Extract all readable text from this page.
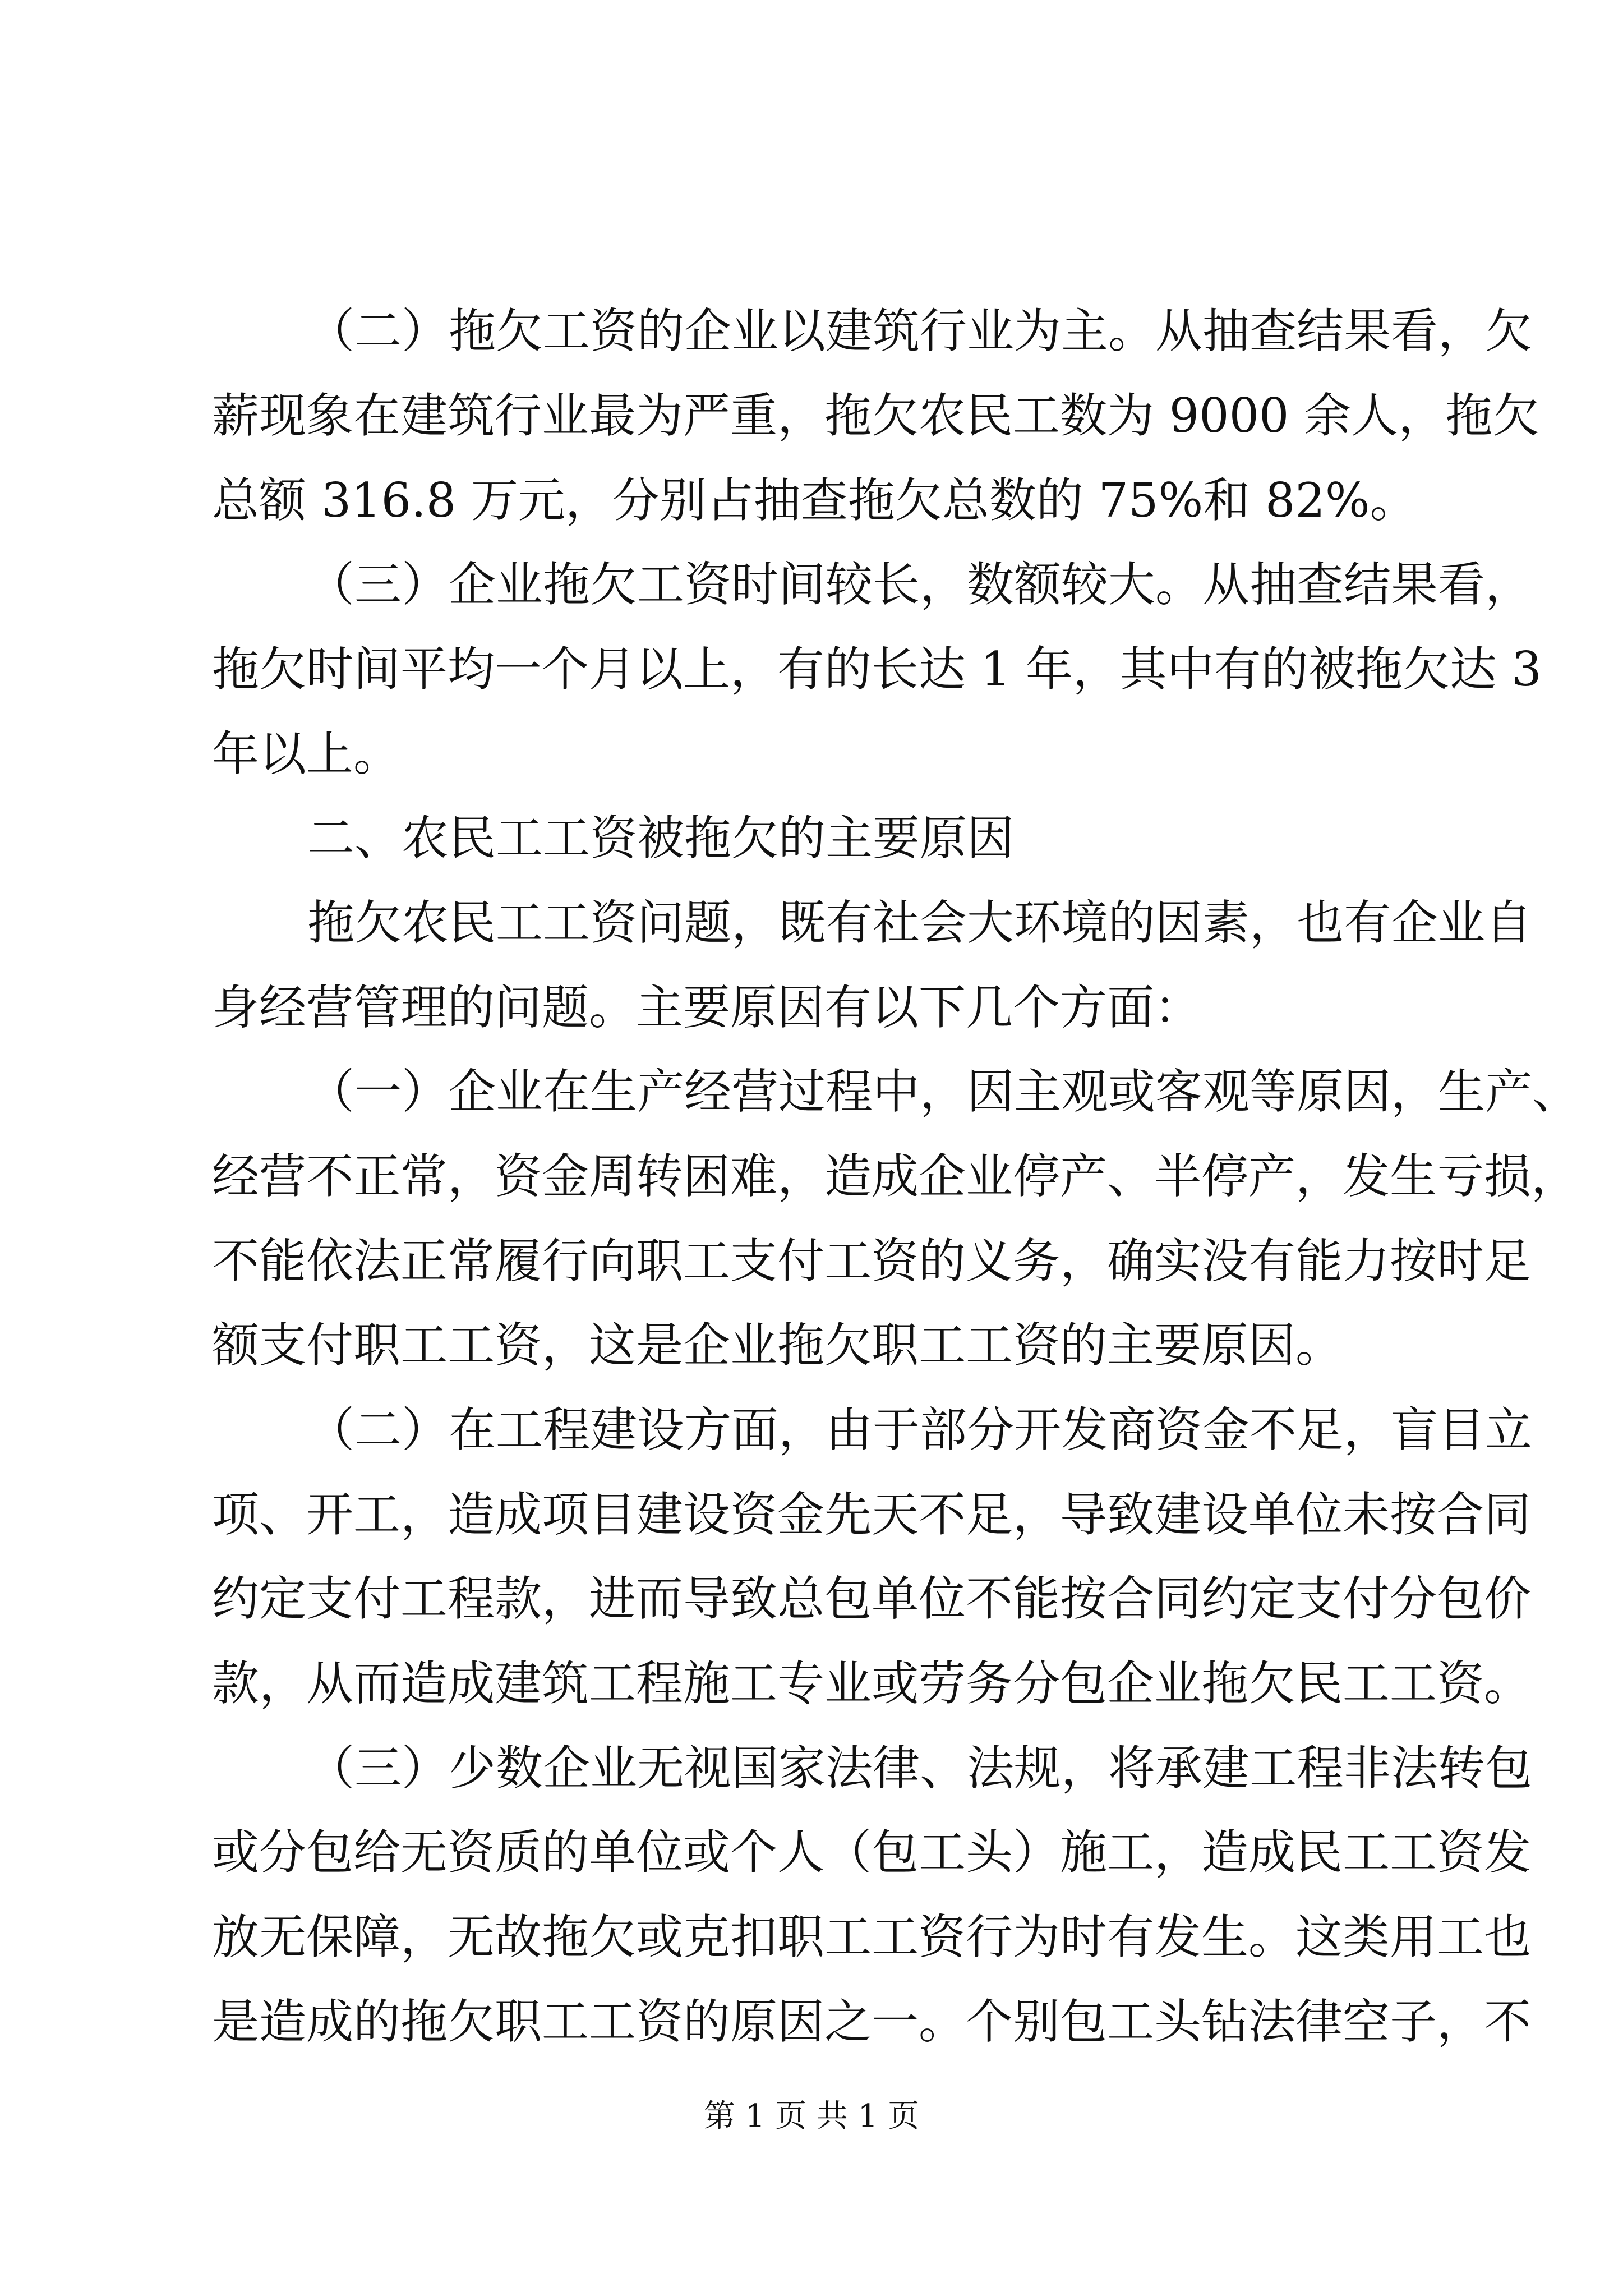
（二）拖欠工资的企业以建筑行业为主。从抽查结果看，欠
薪现象在建筑行业最为严重，拖欠农民工数为 9000 余人，拖欠
总额 316.8 万元，分别占抽查拖欠总数的 75%和 82%。
（三）企业拖欠工资时间较长，数额较大。从抽查结果看，
拖欠时间平均一个月以上，有的长达 1 年，其中有的被拖欠达 3
年以上。
二、农民工工资被拖欠的主要原因
拖欠农民工工资问题，既有社会大环境的因素，也有企业自
身经营管理的问题。主要原因有以下几个方面：
（一）企业在生产经营过程中，因主观或客观等原因，生产、
经营不正常，资金周转困难，造成企业停产、半停产，发生亏损，
不能依法正常履行向职工支付工资的义务，确实没有能力按时足
额支付职工工资，这是企业拖欠职工工资的主要原因。
（二）在工程建设方面，由于部分开发商资金不足，盲目立
项、开工，造成项目建设资金先天不足，导致建设单位未按合同
约定支付工程款，进而导致总包单位不能按合同约定支付分包价
款，从而造成建筑工程施工专业或劳务分包企业拖欠民工工资。
（三）少数企业无视国家法律、法规，将承建工程非法转包
或分包给无资质的单位或个人（包工头）施工，造成民工工资发
放无保障，无故拖欠或克扣职工工资行为时有发生。这类用工也
是造成的拖欠职工工资的原因之一。个别包工头钻法律空子，不
第 1 页 共 1 页
